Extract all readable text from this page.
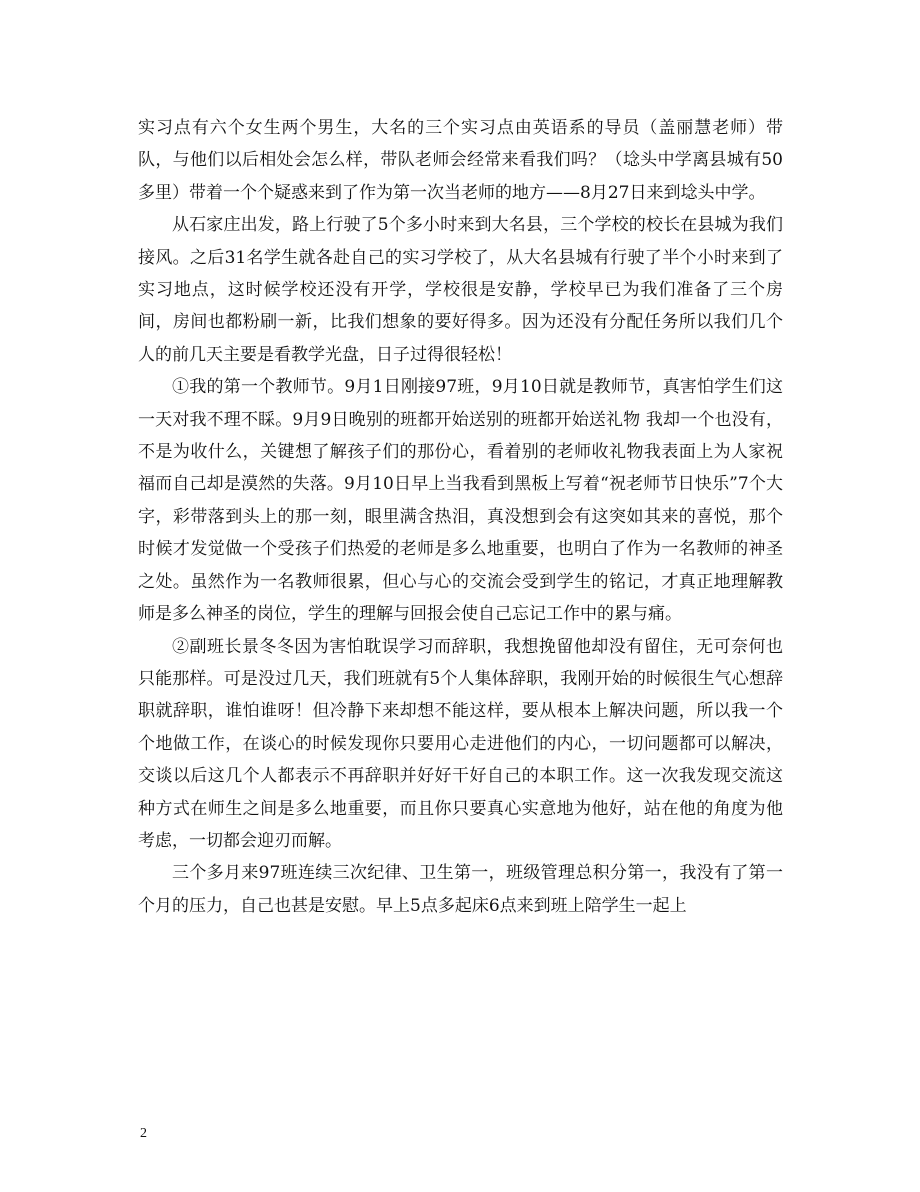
实习点有六个女生两个男生，大名的三个实习点由英语系的导员（盖丽慧老师）带队，与他们以后相处会怎么样，带队老师会经常来看我们吗？（埝头中学离县城有50多里）带着一个个疑惑来到了作为第一次当老师的地方——8月27日来到埝头中学。

从石家庄出发，路上行驶了5个多小时来到大名县，三个学校的校长在县城为我们接风。之后31名学生就各赴自己的实习学校了，从大名县城有行驶了半个小时来到了实习地点，这时候学校还没有开学，学校很是安静，学校早已为我们准备了三个房间，房间也都粉刷一新，比我们想象的要好得多。因为还没有分配任务所以我们几个人的前几天主要是看教学光盘，日子过得很轻松！

①我的第一个教师节。9月1日刚接97班，9月10日就是教师节，真害怕学生们这一天对我不理不睬。9月9日晚别的班都开始送别的班都开始送礼物 我却一个也没有，不是为收什么，关键想了解孩子们的那份心，看着别的老师收礼物我表面上为人家祝福而自己却是漠然的失落。9月10日早上当我看到黑板上写着“祝老师节日快乐”7个大字，彩带落到头上的那一刻，眼里满含热泪，真没想到会有这突如其来的喜悦，那个时候才发觉做一个受孩子们热爱的老师是多么地重要，也明白了作为一名教师的神圣之处。虽然作为一名教师很累，但心与心的交流会受到学生的铭记，才真正地理解教师是多么神圣的岗位，学生的理解与回报会使自己忘记工作中的累与痛。

②副班长景冬冬因为害怕耽误学习而辞职，我想挽留他却没有留住，无可奈何也只能那样。可是没过几天，我们班就有5个人集体辞职，我刚开始的时候很生气心想辞职就辞职，谁怕谁呀！但冷静下来却想不能这样，要从根本上解决问题，所以我一个个地做工作，在谈心的时候发现你只要用心走进他们的内心，一切问题都可以解决，交谈以后这几个人都表示不再辞职并好好干好自己的本职工作。这一次我发现交流这种方式在师生之间是多么地重要，而且你只要真心实意地为他好，站在他的角度为他考虑，一切都会迎刃而解。

三个多月来97班连续三次纪律、卫生第一，班级管理总积分第一，我没有了第一个月的压力，自己也甚是安慰。早上5点多起床6点来到班上陪学生一起上

2
